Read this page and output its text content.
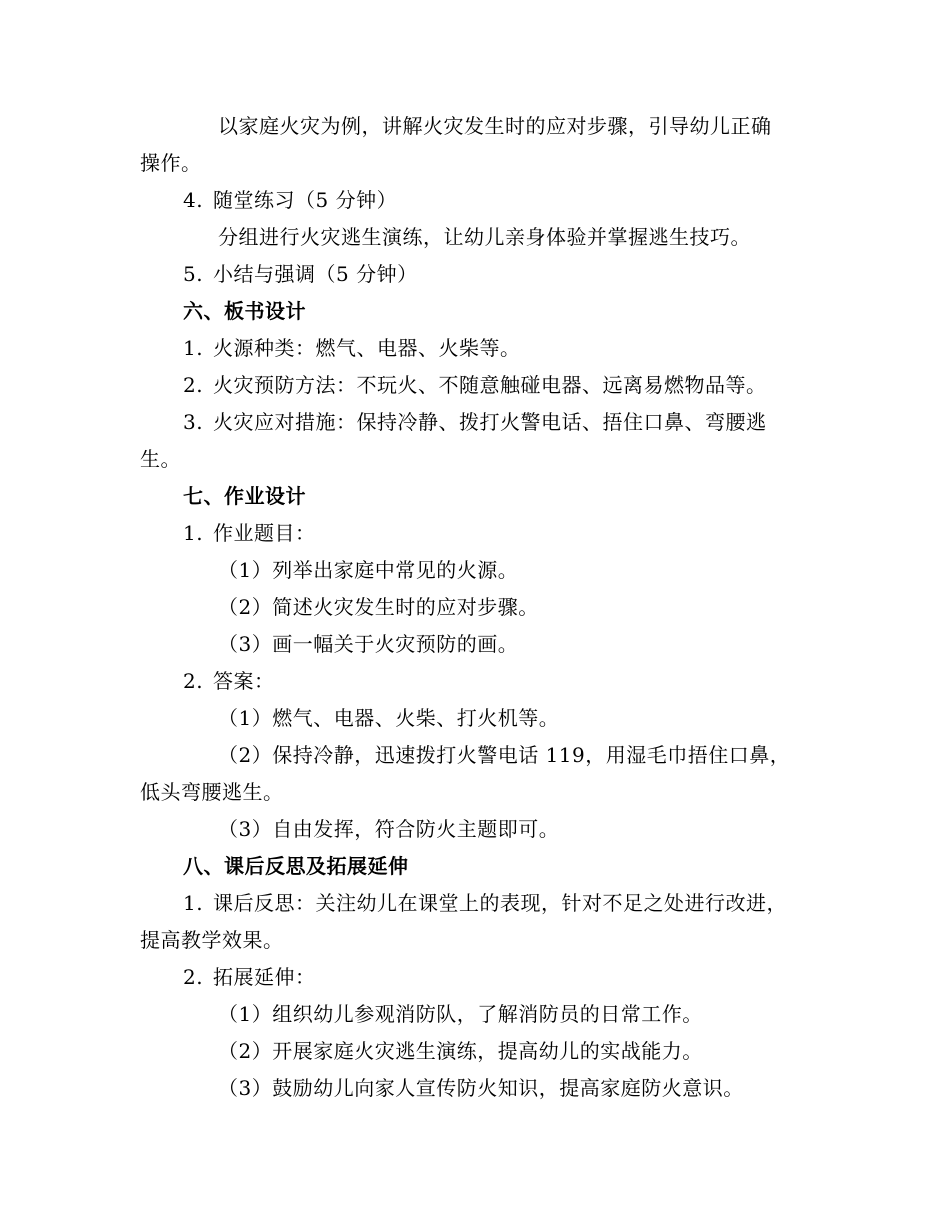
以家庭火灾为例，讲解火灾发生时的应对步骤，引导幼儿正确
操作。
4. 随堂练习（5 分钟）
分组进行火灾逃生演练，让幼儿亲身体验并掌握逃生技巧。
5. 小结与强调（5 分钟）
六、板书设计
1. 火源种类：燃气、电器、火柴等。
2. 火灾预防方法：不玩火、不随意触碰电器、远离易燃物品等。
3. 火灾应对措施：保持冷静、拨打火警电话、捂住口鼻、弯腰逃
生。
七、作业设计
1. 作业题目：
（1）列举出家庭中常见的火源。
（2）简述火灾发生时的应对步骤。
（3）画一幅关于火灾预防的画。
2. 答案：
（1）燃气、电器、火柴、打火机等。
（2）保持冷静，迅速拨打火警电话 119，用湿毛巾捂住口鼻，
低头弯腰逃生。
（3）自由发挥，符合防火主题即可。
八、课后反思及拓展延伸
1. 课后反思：关注幼儿在课堂上的表现，针对不足之处进行改进，
提高教学效果。
2. 拓展延伸：
（1）组织幼儿参观消防队，了解消防员的日常工作。
（2）开展家庭火灾逃生演练，提高幼儿的实战能力。
（3）鼓励幼儿向家人宣传防火知识，提高家庭防火意识。
